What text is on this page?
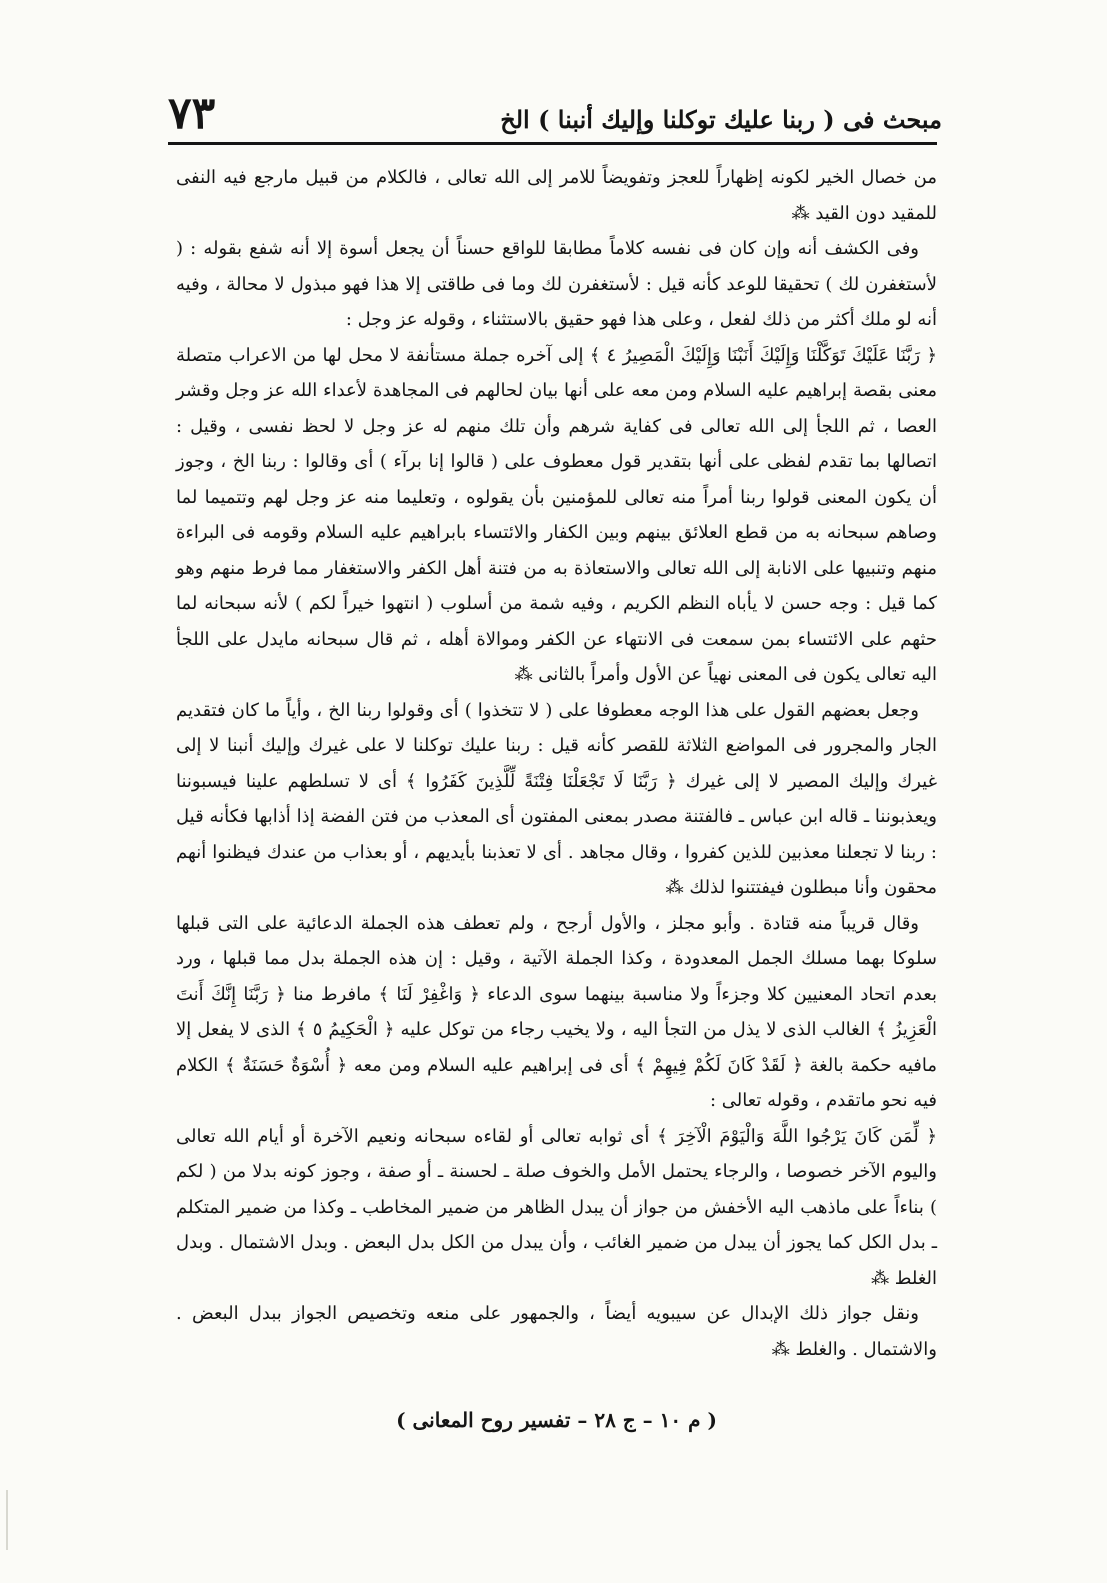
مبحث فى ( ربنا عليك توكلنا وإليك أنبنا ) الخ
٧٣

من خصال الخير لكونه إظهاراً للعجز وتفويضاً للامر إلى الله تعالى ، فالكلام من قبيل مارجع فيه النفى للمقيد دون القيد ⁂

وفى الكشف أنه وإن كان فى نفسه كلاماً مطابقا للواقع حسناً أن يجعل أسوة إلا أنه شفع بقوله : ( لأستغفرن لك ) تحقيقا للوعد كأنه قيل : لأستغفرن لك وما فى طاقتى إلا هذا فهو مبذول لا محالة ، وفيه أنه لو ملك أكثر من ذلك لفعل ، وعلى هذا فهو حقيق بالاستثناء ، وقوله عز وجل :

﴿ رَبَّنَا عَلَيْكَ تَوَكَّلْنَا وَإِلَيْكَ أَنَبْنَا وَإِلَيْكَ الْمَصِيرُ ٤ ﴾ إلى آخره جملة مستأنفة لا محل لها من الاعراب متصلة معنى بقصة إبراهيم عليه السلام ومن معه على أنها بيان لحالهم فى المجاهدة لأعداء الله عز وجل وقشر العصا ، ثم اللجأ إلى الله تعالى فى كفاية شرهم وأن تلك منهم له عز وجل لا لحظ نفسى ، وقيل : اتصالها بما تقدم لفظى على أنها بتقدير قول معطوف على ( قالوا إنا برآء ) أى وقالوا : ربنا الخ ، وجوز أن يكون المعنى قولوا ربنا أمراً منه تعالى للمؤمنين بأن يقولوه ، وتعليما منه عز وجل لهم وتتميما لما وصاهم سبحانه به من قطع العلائق بينهم وبين الكفار والائتساء بابراهيم عليه السلام وقومه فى البراءة منهم وتنبيها على الانابة إلى الله تعالى والاستعاذة به من فتنة أهل الكفر والاستغفار مما فرط منهم وهو كما قيل : وجه حسن لا يأباه النظم الكريم ، وفيه شمة من أسلوب ( انتهوا خيراً لكم ) لأنه سبحانه لما حثهم على الائتساء بمن سمعت فى الانتهاء عن الكفر وموالاة أهله ، ثم قال سبحانه مايدل على اللجأ اليه تعالى يكون فى المعنى نهياً عن الأول وأمراً بالثانى ⁂

وجعل بعضهم القول على هذا الوجه معطوفا على ( لا تتخذوا ) أى وقولوا ربنا الخ ، وأياً ما كان فتقديم الجار والمجرور فى المواضع الثلاثة للقصر كأنه قيل : ربنا عليك توكلنا لا على غيرك وإليك أنبنا لا إلى غيرك وإليك المصير لا إلى غيرك ﴿ رَبَّنَا لَا تَجْعَلْنَا فِتْنَةً لِّلَّذِينَ كَفَرُوا ﴾ أى لا تسلطهم علينا فيسبوننا ويعذبوننا ـ قاله ابن عباس ـ فالفتنة مصدر بمعنى المفتون أى المعذب من فتن الفضة إذا أذابها فكأنه قيل : ربنا لا تجعلنا معذبين للذين كفروا ، وقال مجاهد . أى لا تعذبنا بأيديهم ، أو بعذاب من عندك فيظنوا أنهم محقون وأنا مبطلون فيفتتنوا لذلك ⁂

وقال قريباً منه قتادة . وأبو مجلز ، والأول أرجح ، ولم تعطف هذه الجملة الدعائية على التى قبلها سلوكا بهما مسلك الجمل المعدودة ، وكذا الجملة الآتية ، وقيل : إن هذه الجملة بدل مما قبلها ، ورد بعدم اتحاد المعنيين كلا وجزءاً ولا مناسبة بينهما سوى الدعاء ﴿ وَاغْفِرْ لَنَا ﴾ مافرط منا ﴿ رَبَّنَا إِنَّكَ أَنتَ الْعَزِيزُ ﴾ الغالب الذى لا يذل من التجأ اليه ، ولا يخيب رجاء من توكل عليه ﴿ الْحَكِيمُ ٥ ﴾ الذى لا يفعل إلا مافيه حكمة بالغة ﴿ لَقَدْ كَانَ لَكُمْ فِيهِمْ ﴾ أى فى إبراهيم عليه السلام ومن معه ﴿ أُسْوَةٌ حَسَنَةٌ ﴾ الكلام فيه نحو ماتقدم ، وقوله تعالى :

﴿ لِّمَن كَانَ يَرْجُوا اللَّهَ وَالْيَوْمَ الْآخِرَ ﴾ أى ثوابه تعالى أو لقاءه سبحانه ونعيم الآخرة أو أيام الله تعالى واليوم الآخر خصوصا ، والرجاء يحتمل الأمل والخوف صلة ـ لحسنة ـ أو صفة ، وجوز كونه بدلا من ( لكم ) بناءاً على ماذهب اليه الأخفش من جواز أن يبدل الظاهر من ضمير المخاطب ـ وكذا من ضمير المتكلم ـ بدل الكل كما يجوز أن يبدل من ضمير الغائب ، وأن يبدل من الكل بدل البعض . وبدل الاشتمال . وبدل الغلط ⁂

ونقل جواز ذلك الإبدال عن سيبويه أيضاً ، والجمهور على منعه وتخصيص الجواز ببدل البعض . والاشتمال . والغلط ⁂

( م ١٠ – ج ٢٨ – تفسير روح المعانى )
